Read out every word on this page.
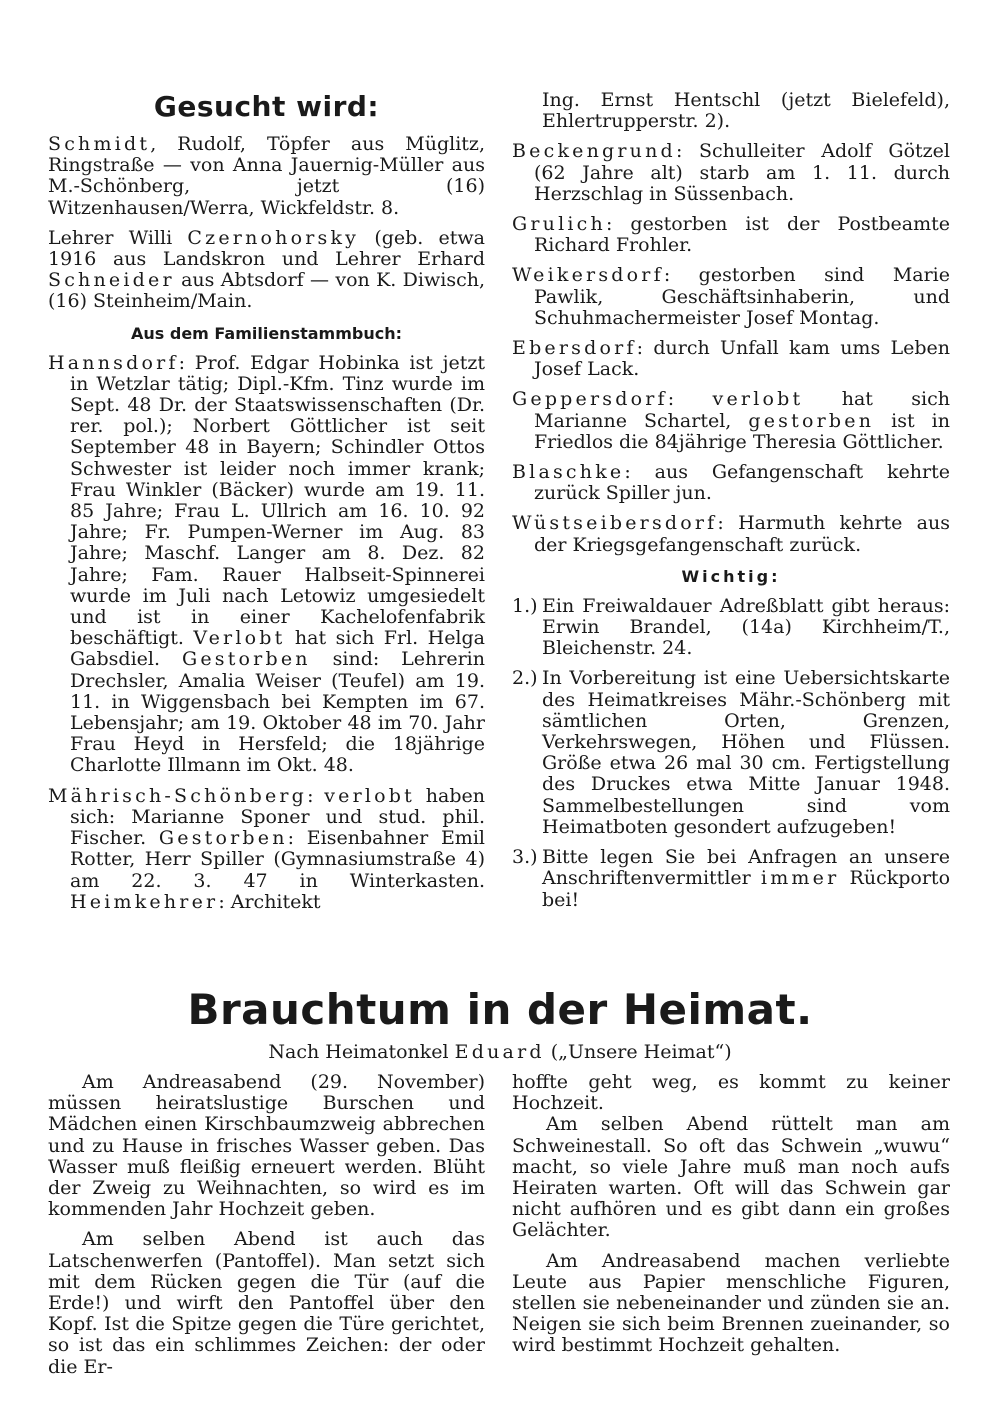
Gesucht wird:

Schmidt, Rudolf, Töpfer aus Müglitz, Ringstraße — von Anna Jauernig-Müller aus M.-Schönberg, jetzt (16) Witzenhausen/Werra, Wickfeldstr. 8.

Lehrer Willi Czernohorsky (geb. etwa 1916 aus Landskron und Lehrer Erhard Schneider aus Abtsdorf — von K. Diwisch, (16) Steinheim/Main.

Aus dem Familienstammbuch:

Hannsdorf: Prof. Edgar Hobinka ist jetzt in Wetzlar tätig; Dipl.-Kfm. Tinz wurde im Sept. 48 Dr. der Staatswissenschaften (Dr. rer. pol.); Norbert Göttlicher ist seit September 48 in Bayern; Schindler Ottos Schwester ist leider noch immer krank; Frau Winkler (Bäcker) wurde am 19. 11. 85 Jahre; Frau L. Ullrich am 16. 10. 92 Jahre; Fr. Pumpen-Werner im Aug. 83 Jahre; Maschf. Langer am 8. Dez. 82 Jahre; Fam. Rauer Halbseit-Spinnerei wurde im Juli nach Letowiz umgesiedelt und ist in einer Kachelofenfabrik beschäftigt. Verlobt hat sich Frl. Helga Gabsdiel. Gestorben sind: Lehrerin Drechsler, Amalia Weiser (Teufel) am 19. 11. in Wiggensbach bei Kempten im 67. Lebensjahr; am 19. Oktober 48 im 70. Jahr Frau Heyd in Hersfeld; die 18jährige Charlotte Illmann im Okt. 48.

Mährisch-Schönberg: verlobt haben sich: Marianne Sponer und stud. phil. Fischer. Gestorben: Eisenbahner Emil Rotter, Herr Spiller (Gymnasiumstraße 4) am 22. 3. 47 in Winterkasten. Heimkehrer: Architekt

Ing. Ernst Hentschl (jetzt Bielefeld), Ehlertrupperstr. 2).

Beckengrund: Schulleiter Adolf Götzel (62 Jahre alt) starb am 1. 11. durch Herzschlag in Süssenbach.

Grulich: gestorben ist der Postbeamte Richard Frohler.

Weikersdorf: gestorben sind Marie Pawlik, Geschäftsinhaberin, und Schuhmachermeister Josef Montag.

Ebersdorf: durch Unfall kam ums Leben Josef Lack.

Geppersdorf: verlobt hat sich Marianne Schartel, gestorben ist in Friedlos die 84jährige Theresia Göttlicher.

Blaschke: aus Gefangenschaft kehrte zurück Spiller jun.

Wüstseibersdorf: Harmuth kehrte aus der Kriegsgefangenschaft zurück.

Wichtig:
1.) Ein Freiwaldauer Adreßblatt gibt heraus: Erwin Brandel, (14a) Kirchheim/T., Bleichenstr. 24.

2.) In Vorbereitung ist eine Uebersichtskarte des Heimatkreises Mähr.-Schönberg mit sämtlichen Orten, Grenzen, Verkehrswegen, Höhen und Flüssen. Größe etwa 26 mal 30 cm. Fertigstellung des Druckes etwa Mitte Januar 1948. Sammelbestellungen sind vom Heimatboten gesondert aufzugeben!

3.) Bitte legen Sie bei Anfragen an unsere Anschriftenvermittler immer Rückporto bei!

Brauchtum in der Heimat.
Nach Heimatonkel Eduard („Unsere Heimat“)

Am Andreasabend (29. November) müssen heiratslustige Burschen und Mädchen einen Kirschbaumzweig abbrechen und zu Hause in frisches Wasser geben. Das Wasser muß fleißig erneuert werden. Blüht der Zweig zu Weihnachten, so wird es im kommenden Jahr Hochzeit geben.

Am selben Abend ist auch das Latschenwerfen (Pantoffel). Man setzt sich mit dem Rücken gegen die Tür (auf die Erde!) und wirft den Pantoffel über den Kopf. Ist die Spitze gegen die Türe gerichtet, so ist das ein schlimmes Zeichen: der oder die Er-

hoffte geht weg, es kommt zu keiner Hochzeit.

Am selben Abend rüttelt man am Schweinestall. So oft das Schwein „wuwu“ macht, so viele Jahre muß man noch aufs Heiraten warten. Oft will das Schwein gar nicht aufhören und es gibt dann ein großes Gelächter.

Am Andreasabend machen verliebte Leute aus Papier menschliche Figuren, stellen sie nebeneinander und zünden sie an. Neigen sie sich beim Brennen zueinander, so wird bestimmt Hochzeit gehalten.
